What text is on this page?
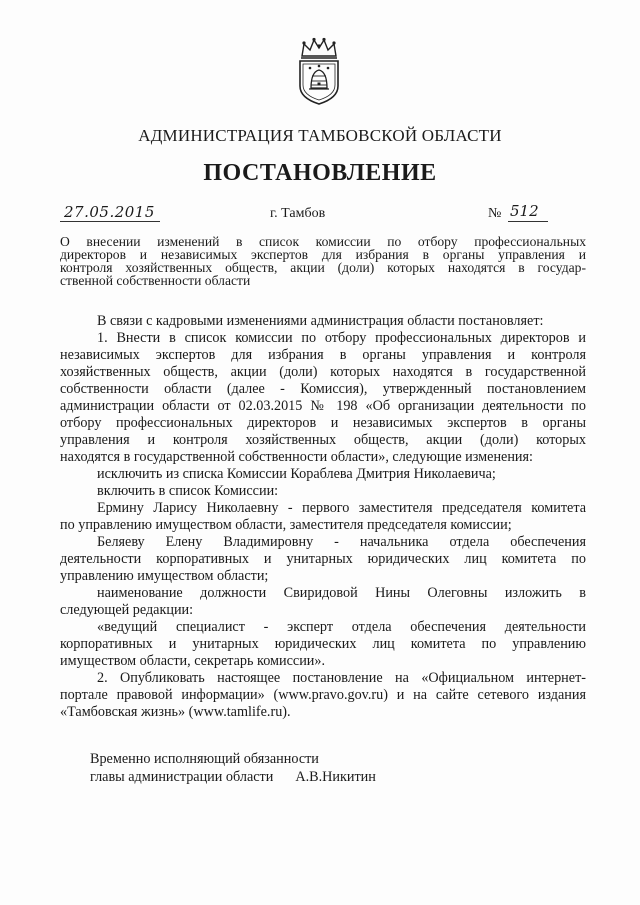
АДМИНИСТРАЦИЯ ТАМБОВСКОЙ ОБЛАСТИ
ПОСТАНОВЛЕНИЕ
27.05.2015	г. Тамбов	№ 512
О внесении изменений в список комиссии по отбору профессиональных
директоров и независимых экспертов для избрания в органы управления и
контроля хозяйственных обществ, акции (доли) которых находятся в государ-
ственной собственности области
В связи с кадровыми изменениями администрация области постановляет:
1. Внести в список комиссии по отбору профессиональных директоров и
независимых экспертов для избрания в органы управления и контроля
хозяйственных обществ, акции (доли) которых находятся в государственной
собственности области (далее - Комиссия), утвержденный постановлением
администрации области от 02.03.2015 № 198 «Об организации деятельности по
отбору профессиональных директоров и независимых экспертов в органы
управления и контроля хозяйственных обществ, акции (доли) которых
находятся в государственной собственности области», следующие изменения:
исключить из списка Комиссии Кораблева Дмитрия Николаевича;
включить в список Комиссии:
Ермину Ларису Николаевну - первого заместителя председателя комитета
по управлению имуществом области, заместителя председателя комиссии;
Беляеву Елену Владимировну - начальника отдела обеспечения
деятельности корпоративных и унитарных юридических лиц комитета по
управлению имуществом области;
наименование должности Свиридовой Нины Олеговны изложить в
следующей редакции:
«ведущий специалист - эксперт отдела обеспечения деятельности
корпоративных и унитарных юридических лиц комитета по управлению
имуществом области, секретарь комиссии».
2. Опубликовать настоящее постановление на «Официальном интернет-
портале правовой информации» (www.pravo.gov.ru) и на сайте сетевого издания
«Тамбовская жизнь» (www.tamlife.ru).
Временно исполняющий обязанности
главы администрации области А.В.Никитин
